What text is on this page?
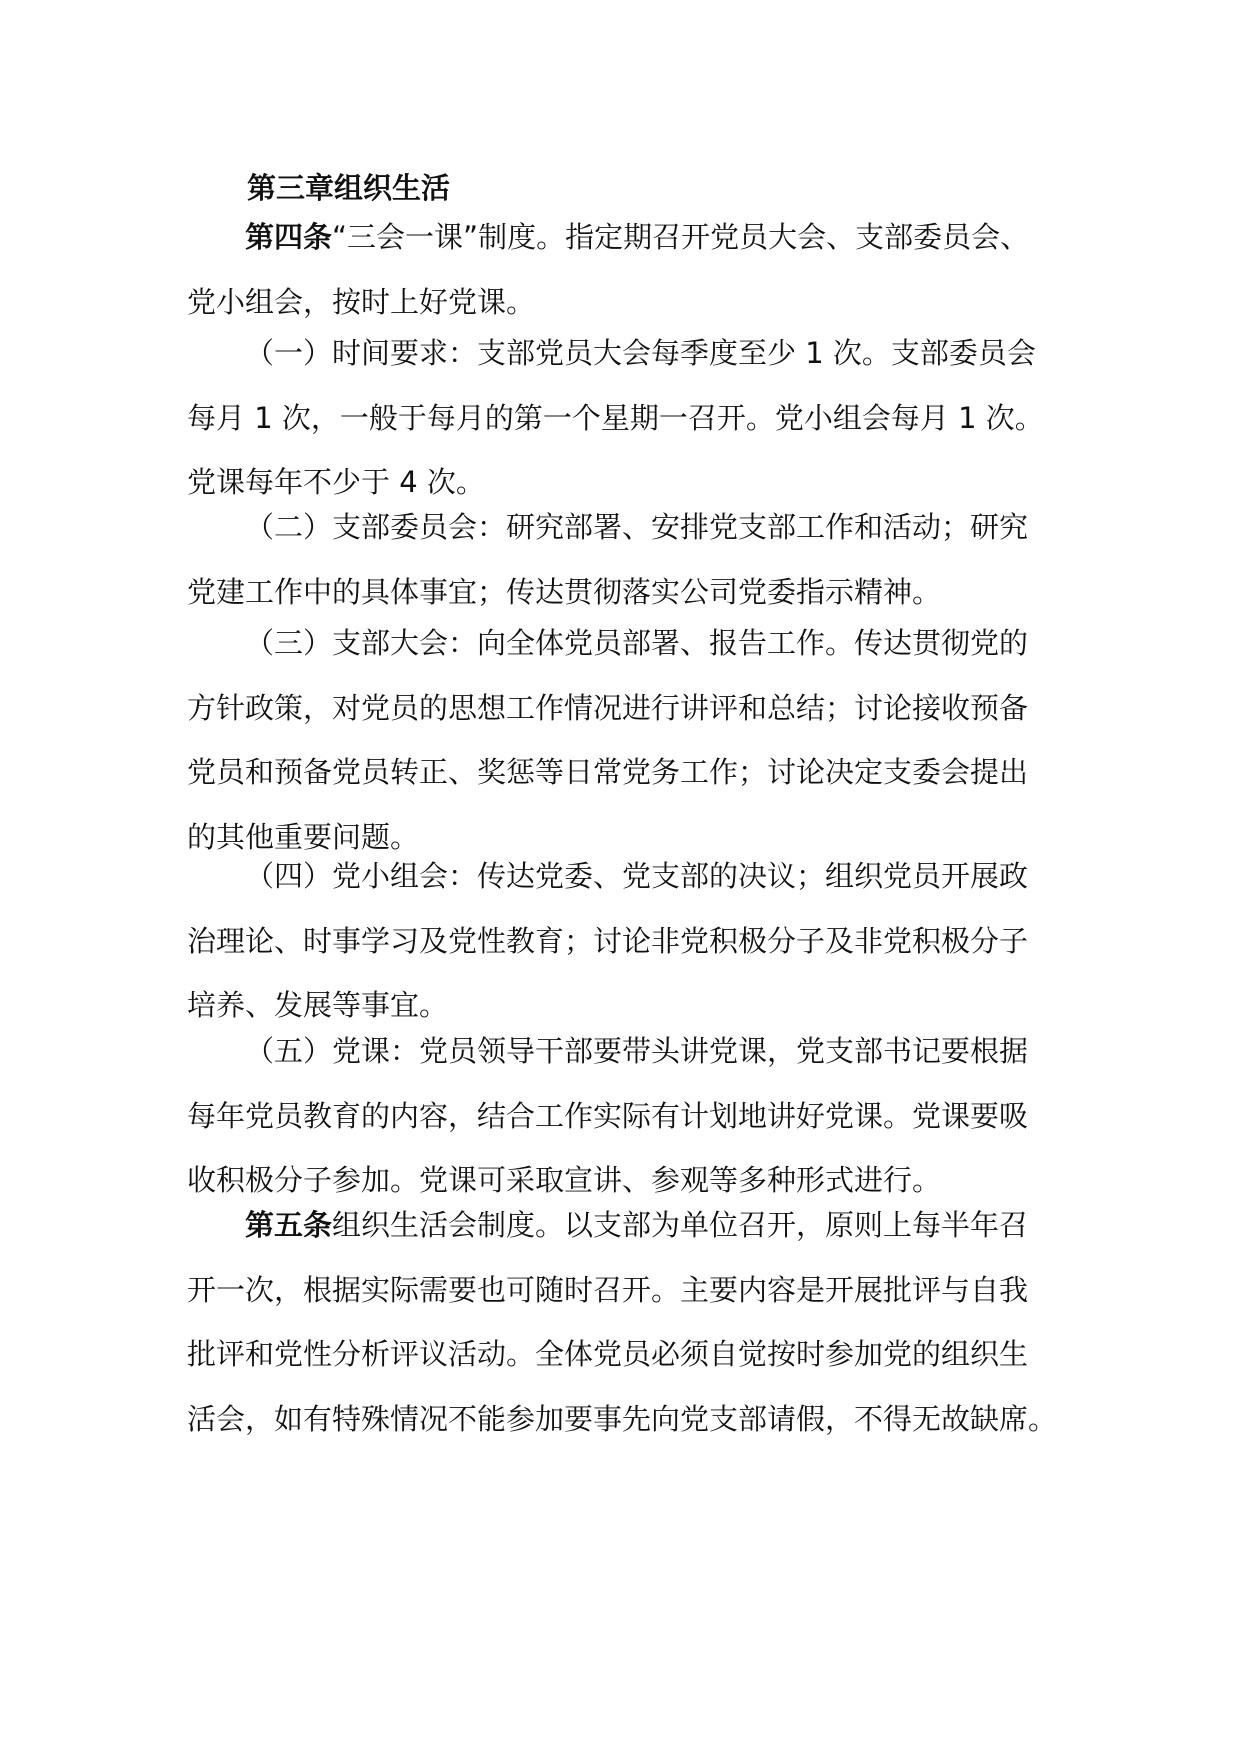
第三章组织生活
第四条“三会一课”制度。指定期召开党员大会、支部委员会、
党小组会，按时上好党课。
（一）时间要求：支部党员大会每季度至少 1 次。支部委员会
每月 1 次，一般于每月的第一个星期一召开。党小组会每月 1 次。
党课每年不少于 4 次。
（二）支部委员会：研究部署、安排党支部工作和活动；研究
党建工作中的具体事宜；传达贯彻落实公司党委指示精神。
（三）支部大会：向全体党员部署、报告工作。传达贯彻党的
方针政策，对党员的思想工作情况进行讲评和总结；讨论接收预备
党员和预备党员转正、奖惩等日常党务工作；讨论决定支委会提出
的其他重要问题。
（四）党小组会：传达党委、党支部的决议；组织党员开展政
治理论、时事学习及党性教育；讨论非党积极分子及非党积极分子
培养、发展等事宜。
（五）党课：党员领导干部要带头讲党课，党支部书记要根据
每年党员教育的内容，结合工作实际有计划地讲好党课。党课要吸
收积极分子参加。党课可采取宣讲、参观等多种形式进行。
第五条组织生活会制度。以支部为单位召开，原则上每半年召
开一次，根据实际需要也可随时召开。主要内容是开展批评与自我
批评和党性分析评议活动。全体党员必须自觉按时参加党的组织生
活会，如有特殊情况不能参加要事先向党支部请假，不得无故缺席。
